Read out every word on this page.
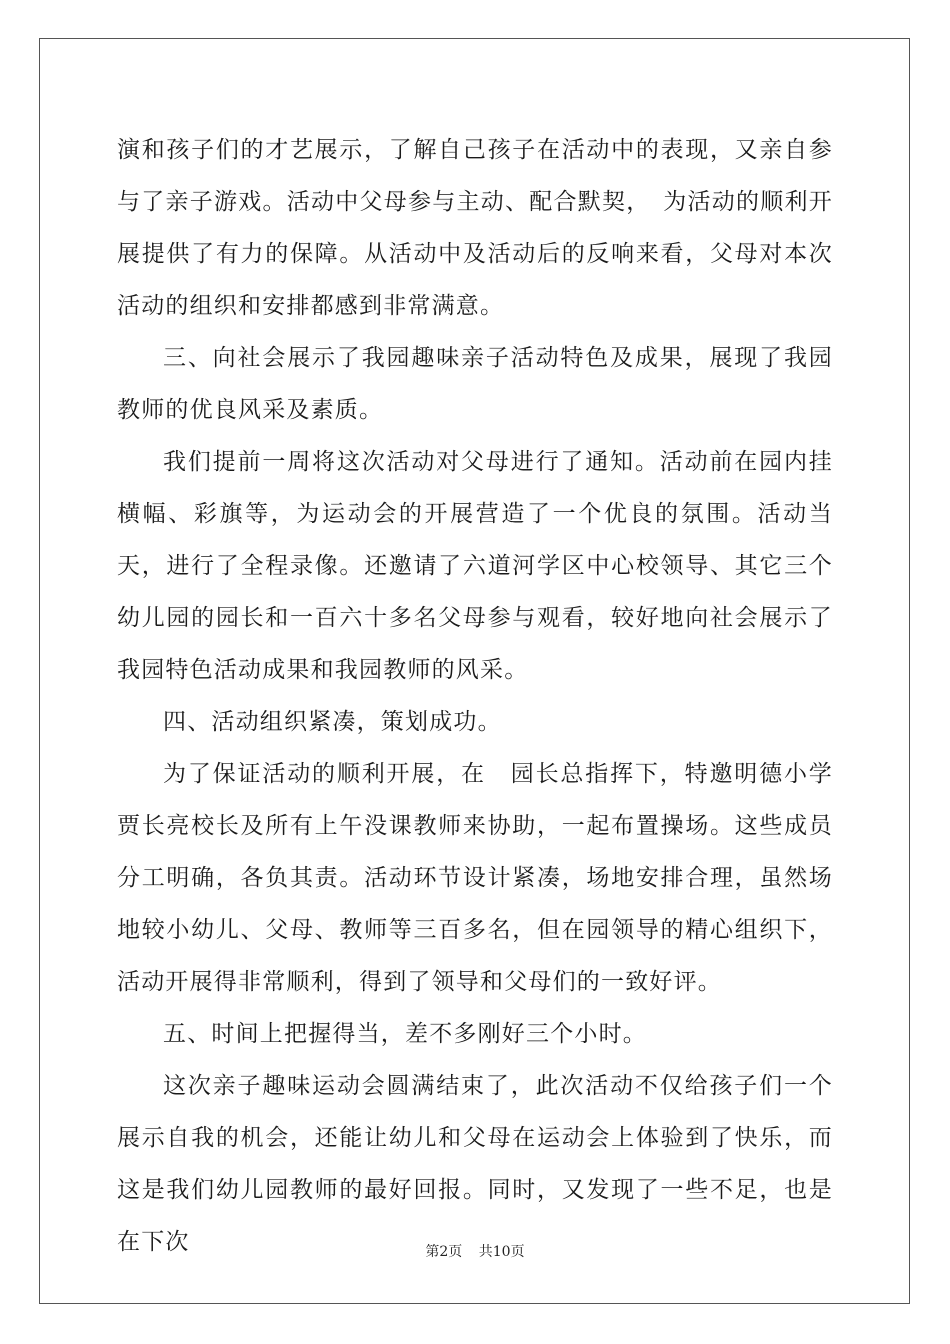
演和孩子们的才艺展示，了解自己孩子在活动中的表现，又亲自参与了亲子游戏。活动中父母参与主动、配合默契，　为活动的顺利开展提供了有力的保障。从活动中及活动后的反响来看，父母对本次活动的组织和安排都感到非常满意。

三、向社会展示了我园趣味亲子活动特色及成果，展现了我园教师的优良风采及素质。

我们提前一周将这次活动对父母进行了通知。活动前在园内挂横幅、彩旗等，为运动会的开展营造了一个优良的氛围。活动当天，进行了全程录像。还邀请了六道河学区中心校领导、其它三个幼儿园的园长和一百六十多名父母参与观看，较好地向社会展示了我园特色活动成果和我园教师的风采。

四、活动组织紧凑，策划成功。

为了保证活动的顺利开展，在　园长总指挥下，特邀明德小学贾长亮校长及所有上午没课教师来协助，一起布置操场。这些成员分工明确，各负其责。活动环节设计紧凑，场地安排合理，虽然场地较小幼儿、父母、教师等三百多名，但在园领导的精心组织下，活动开展得非常顺利，得到了领导和父母们的一致好评。

五、时间上把握得当，差不多刚好三个小时。

这次亲子趣味运动会圆满结束了，此次活动不仅给孩子们一个展示自我的机会，还能让幼儿和父母在运动会上体验到了快乐，而这是我们幼儿园教师的最好回报。同时，又发现了一些不足，也是在下次	第2页 共10页
